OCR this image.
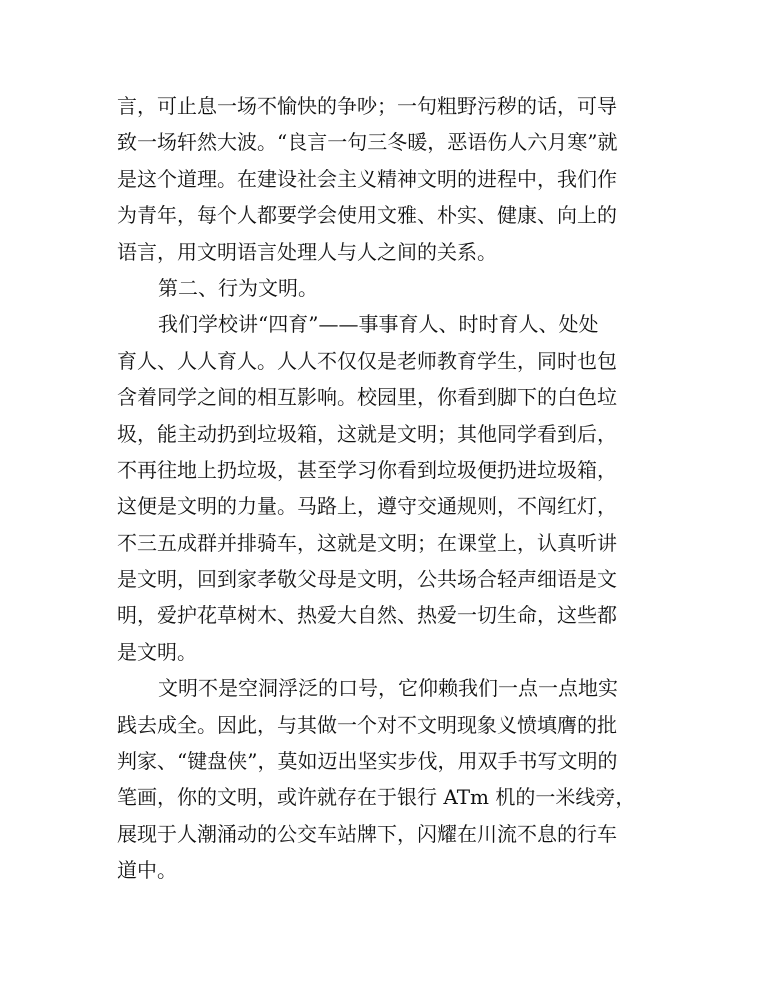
言，可止息一场不愉快的争吵；一句粗野污秽的话，可导
致一场轩然大波。“良言一句三冬暖，恶语伤人六月寒”就
是这个道理。在建设社会主义精神文明的进程中，我们作
为青年，每个人都要学会使用文雅、朴实、健康、向上的
语言，用文明语言处理人与人之间的关系。
第二、行为文明。
我们学校讲“四育”——事事育人、时时育人、处处
育人、人人育人。人人不仅仅是老师教育学生，同时也包
含着同学之间的相互影响。校园里，你看到脚下的白色垃
圾，能主动扔到垃圾箱，这就是文明；其他同学看到后，
不再往地上扔垃圾，甚至学习你看到垃圾便扔进垃圾箱，
这便是文明的力量。马路上，遵守交通规则，不闯红灯，
不三五成群并排骑车，这就是文明；在课堂上，认真听讲
是文明，回到家孝敬父母是文明，公共场合轻声细语是文
明，爱护花草树木、热爱大自然、热爱一切生命，这些都
是文明。
文明不是空洞浮泛的口号，它仰赖我们一点一点地实
践去成全。因此，与其做一个对不文明现象义愤填膺的批
判家、“键盘侠”，莫如迈出坚实步伐，用双手书写文明的
笔画，你的文明，或许就存在于银行 ATm 机的一米线旁，
展现于人潮涌动的公交车站牌下，闪耀在川流不息的行车
道中。
